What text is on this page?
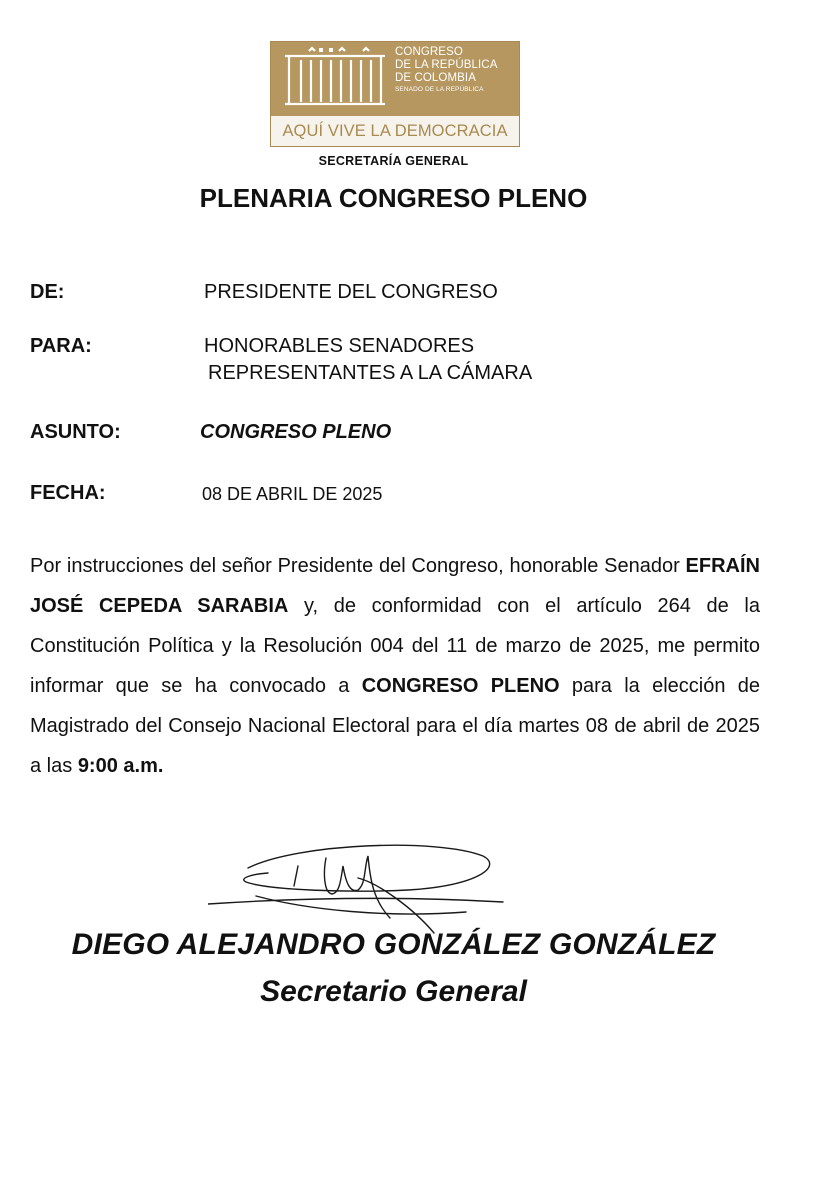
CONGRESO
DE LA REPÚBLICA
DE COLOMBIA
SENADO DE LA REPÚBLICA
AQUÍ VIVE LA DEMOCRACIA
SECRETARÍA GENERAL
PLENARIA CONGRESO PLENO
DE:	PRESIDENTE DEL CONGRESO
PARA:	HONORABLES SENADORES
REPRESENTANTES A LA CÁMARA
ASUNTO:	CONGRESO PLENO
FECHA:	08 DE ABRIL DE 2025
Por instrucciones del señor Presidente del Congreso, honorable Senador EFRAÍN JOSÉ CEPEDA SARABIA y, de conformidad con el artículo 264 de la Constitución Política y la Resolución 004 del 11 de marzo de 2025, me permito informar que se ha convocado a CONGRESO PLENO para la elección de Magistrado del Consejo Nacional Electoral para el día martes 08 de abril de 2025 a las 9:00 a.m.
DIEGO ALEJANDRO GONZÁLEZ GONZÁLEZ
Secretario General
